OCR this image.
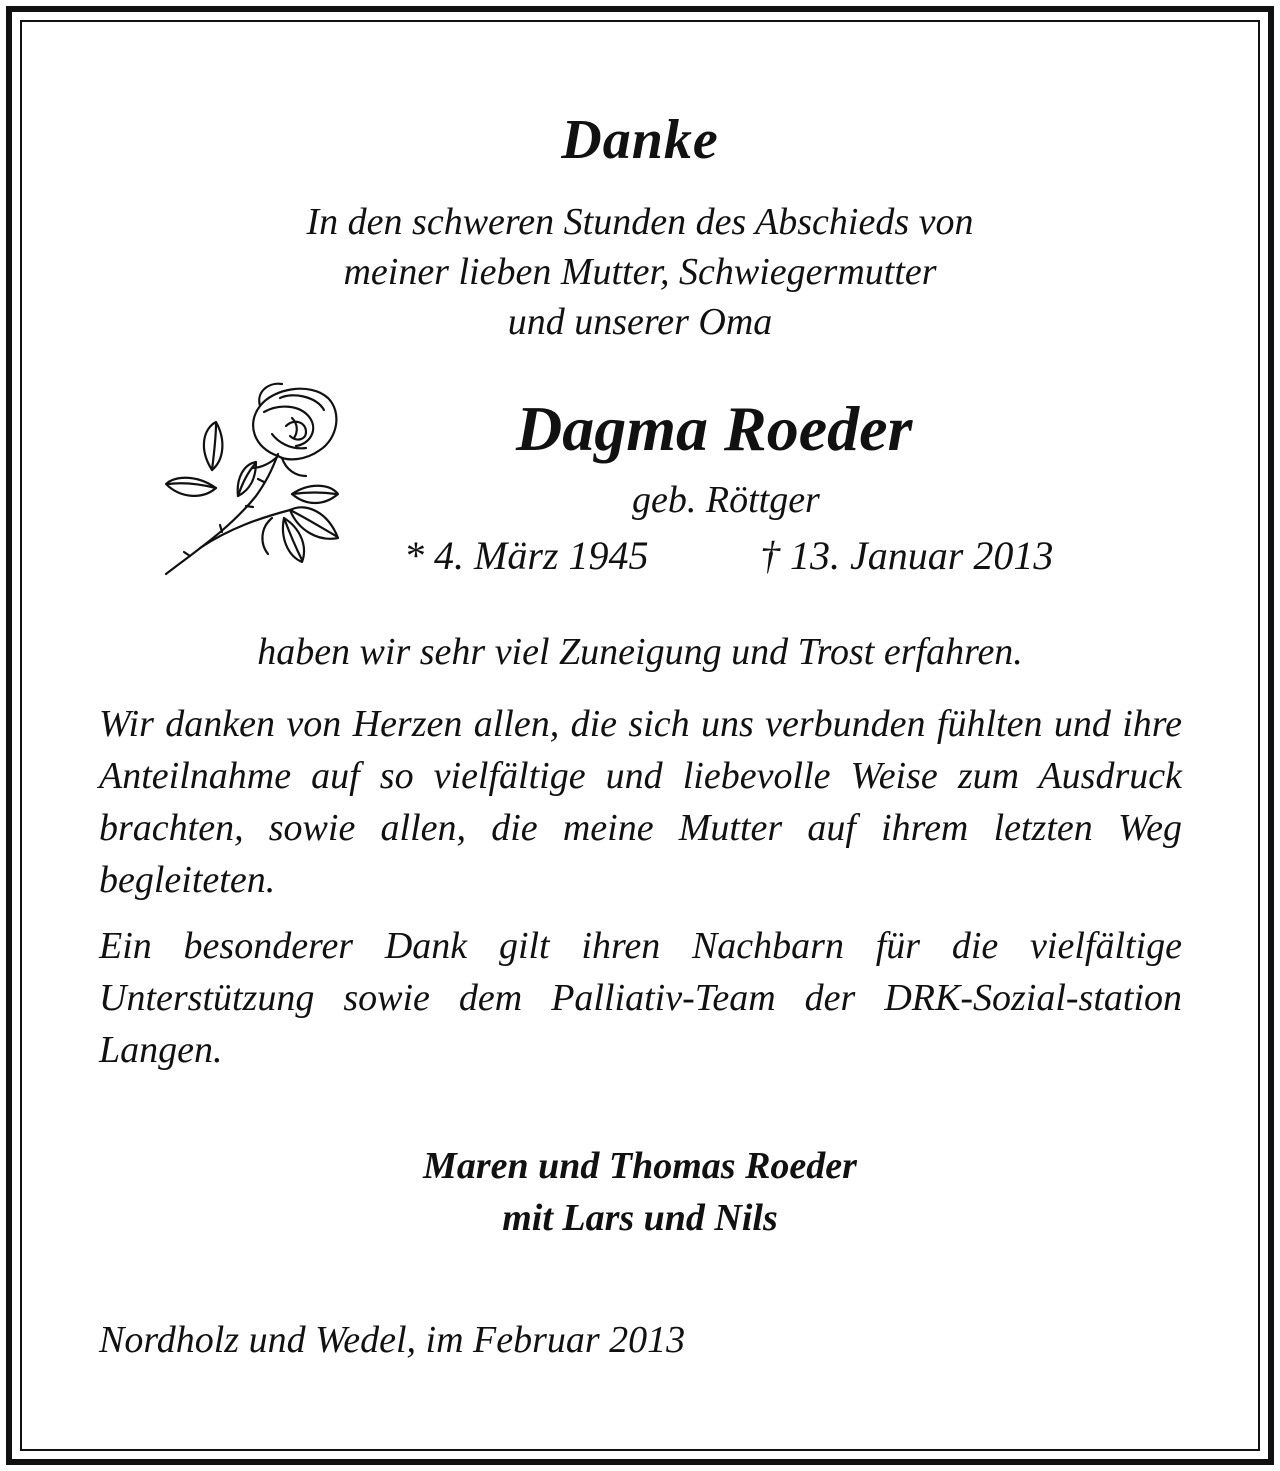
Danke

In den schweren Stunden des Abschieds von

meiner lieben Mutter, Schwiegermutter

und unserer Oma

Dagma Roeder

geb. Röttger

* 4. März 1945	† 13. Januar 2013

haben wir sehr viel Zuneigung und Trost erfahren.

Wir danken von Herzen allen, die sich uns verbunden fühlten und ihre Anteilnahme auf so vielfältige und liebevolle Weise zum Ausdruck brachten, sowie allen, die meine Mutter auf ihrem letzten Weg begleiteten.

Ein besonderer Dank gilt ihren Nachbarn für die vielfältige Unterstützung sowie dem Palliativ-Team der DRK-Sozial-station Langen.

Maren und Thomas Roeder

mit Lars und Nils

Nordholz und Wedel, im Februar 2013
